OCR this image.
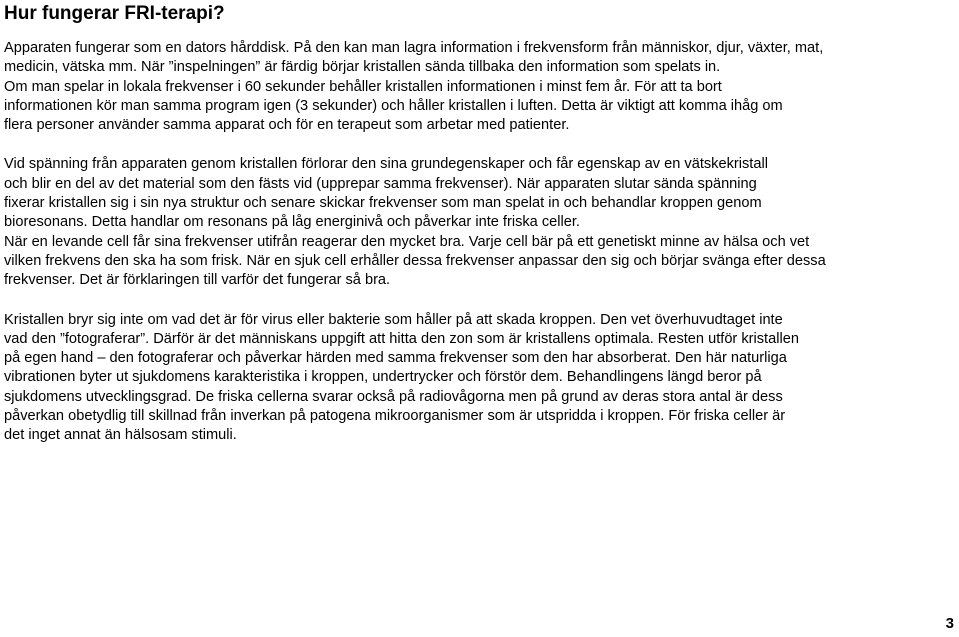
Hur fungerar FRI-terapi?

Apparaten fungerar som en dators hårddisk. På den kan man lagra information i frekvensform från människor, djur, växter, mat,
medicin, vätska mm. När ”inspelningen” är färdig börjar kristallen sända tillbaka den information som spelats in.
Om man spelar in lokala frekvenser i 60 sekunder behåller kristallen informationen i minst fem år. För att ta bort
informationen kör man samma program igen (3 sekunder) och håller kristallen i luften. Detta är viktigt att komma ihåg om
flera personer använder samma apparat och för en terapeut som arbetar med patienter.

Vid spänning från apparaten genom kristallen förlorar den sina grundegenskaper och får egenskap av en vätskekristall
och blir en del av det material som den fästs vid (upprepar samma frekvenser). När apparaten slutar sända spänning
fixerar kristallen sig i sin nya struktur och senare skickar frekvenser som man spelat in och behandlar kroppen genom
bioresonans. Detta handlar om resonans på låg energinivå och påverkar inte friska celler.
När en levande cell får sina frekvenser utifrån reagerar den mycket bra. Varje cell bär på ett genetiskt minne av hälsa och vet
vilken frekvens den ska ha som frisk. När en sjuk cell erhåller dessa frekvenser anpassar den sig och börjar svänga efter dessa
frekvenser. Det är förklaringen till varför det fungerar så bra.

Kristallen bryr sig inte om vad det är för virus eller bakterie som håller på att skada kroppen. Den vet överhuvudtaget inte
vad den ”fotograferar”. Därför är det människans uppgift att hitta den zon som är kristallens optimala. Resten utför kristallen
på egen hand – den fotograferar och påverkar härden med samma frekvenser som den har absorberat. Den här naturliga
vibrationen byter ut sjukdomens karakteristika i kroppen, undertrycker och förstör dem. Behandlingens längd beror på
sjukdomens utvecklingsgrad. De friska cellerna svarar också på radiovågorna men på grund av deras stora antal är dess
påverkan obetydlig till skillnad från inverkan på patogena mikroorganismer som är utspridda i kroppen. För friska celler är
det inget annat än hälsosam stimuli.

3
